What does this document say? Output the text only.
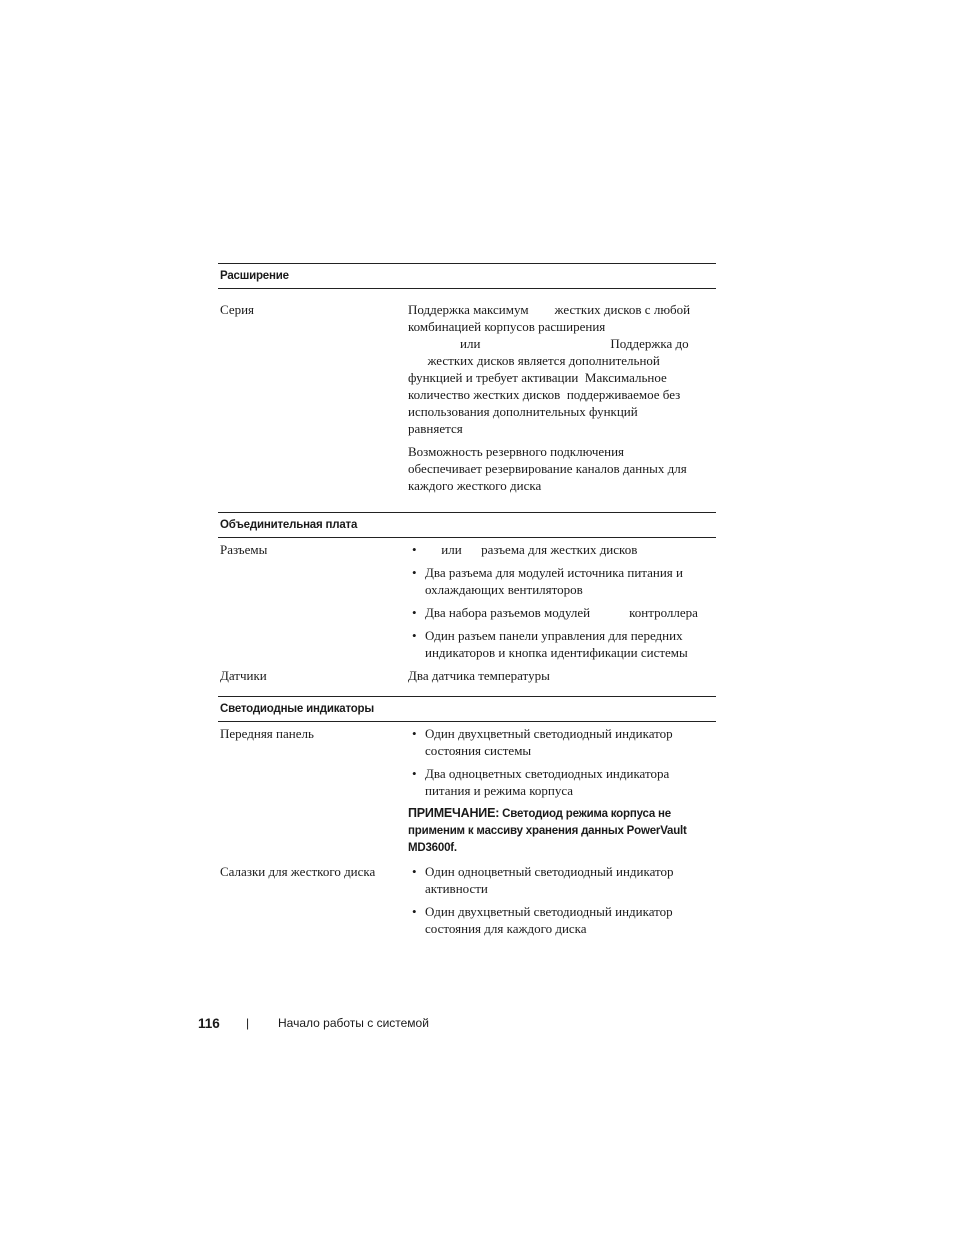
Расширение
Серия	Поддержка максимум        жестких дисков с любой
комбинацией корпусов расширения
или                                        Поддержка до
жестких дисков является дополнительной
функцией и требует активации  Максимальное
количество жестких дисков  поддерживаемое без
использования дополнительных функций
равняется
Возможность резервного подключения
обеспечивает резервирование каналов данных для
каждого жесткого диска
Объединительная плата
Разъемы	• или      разъема для жестких дисков
• Два разъема для модулей источника питания и
охлаждающих вентиляторов
• Два набора разъемов модулей            контроллера
• Один разъем панели управления для передних
индикаторов и кнопка идентификации системы
Датчики	Два датчика температуры
Светодиодные индикаторы
Передняя панель	• Один двухцветный светодиодный индикатор
состояния системы
• Два одноцветных светодиодных индикатора
питания и режима корпуса
ПРИМЕЧАНИЕ: Светодиод режима корпуса не
применим к массиву хранения данных PowerVault
MD3600f.
Салазки для жесткого диска	• Один одноцветный светодиодный индикатор
активности
• Один двухцветный светодиодный индикатор
состояния для каждого диска
116 | Начало работы с системой
